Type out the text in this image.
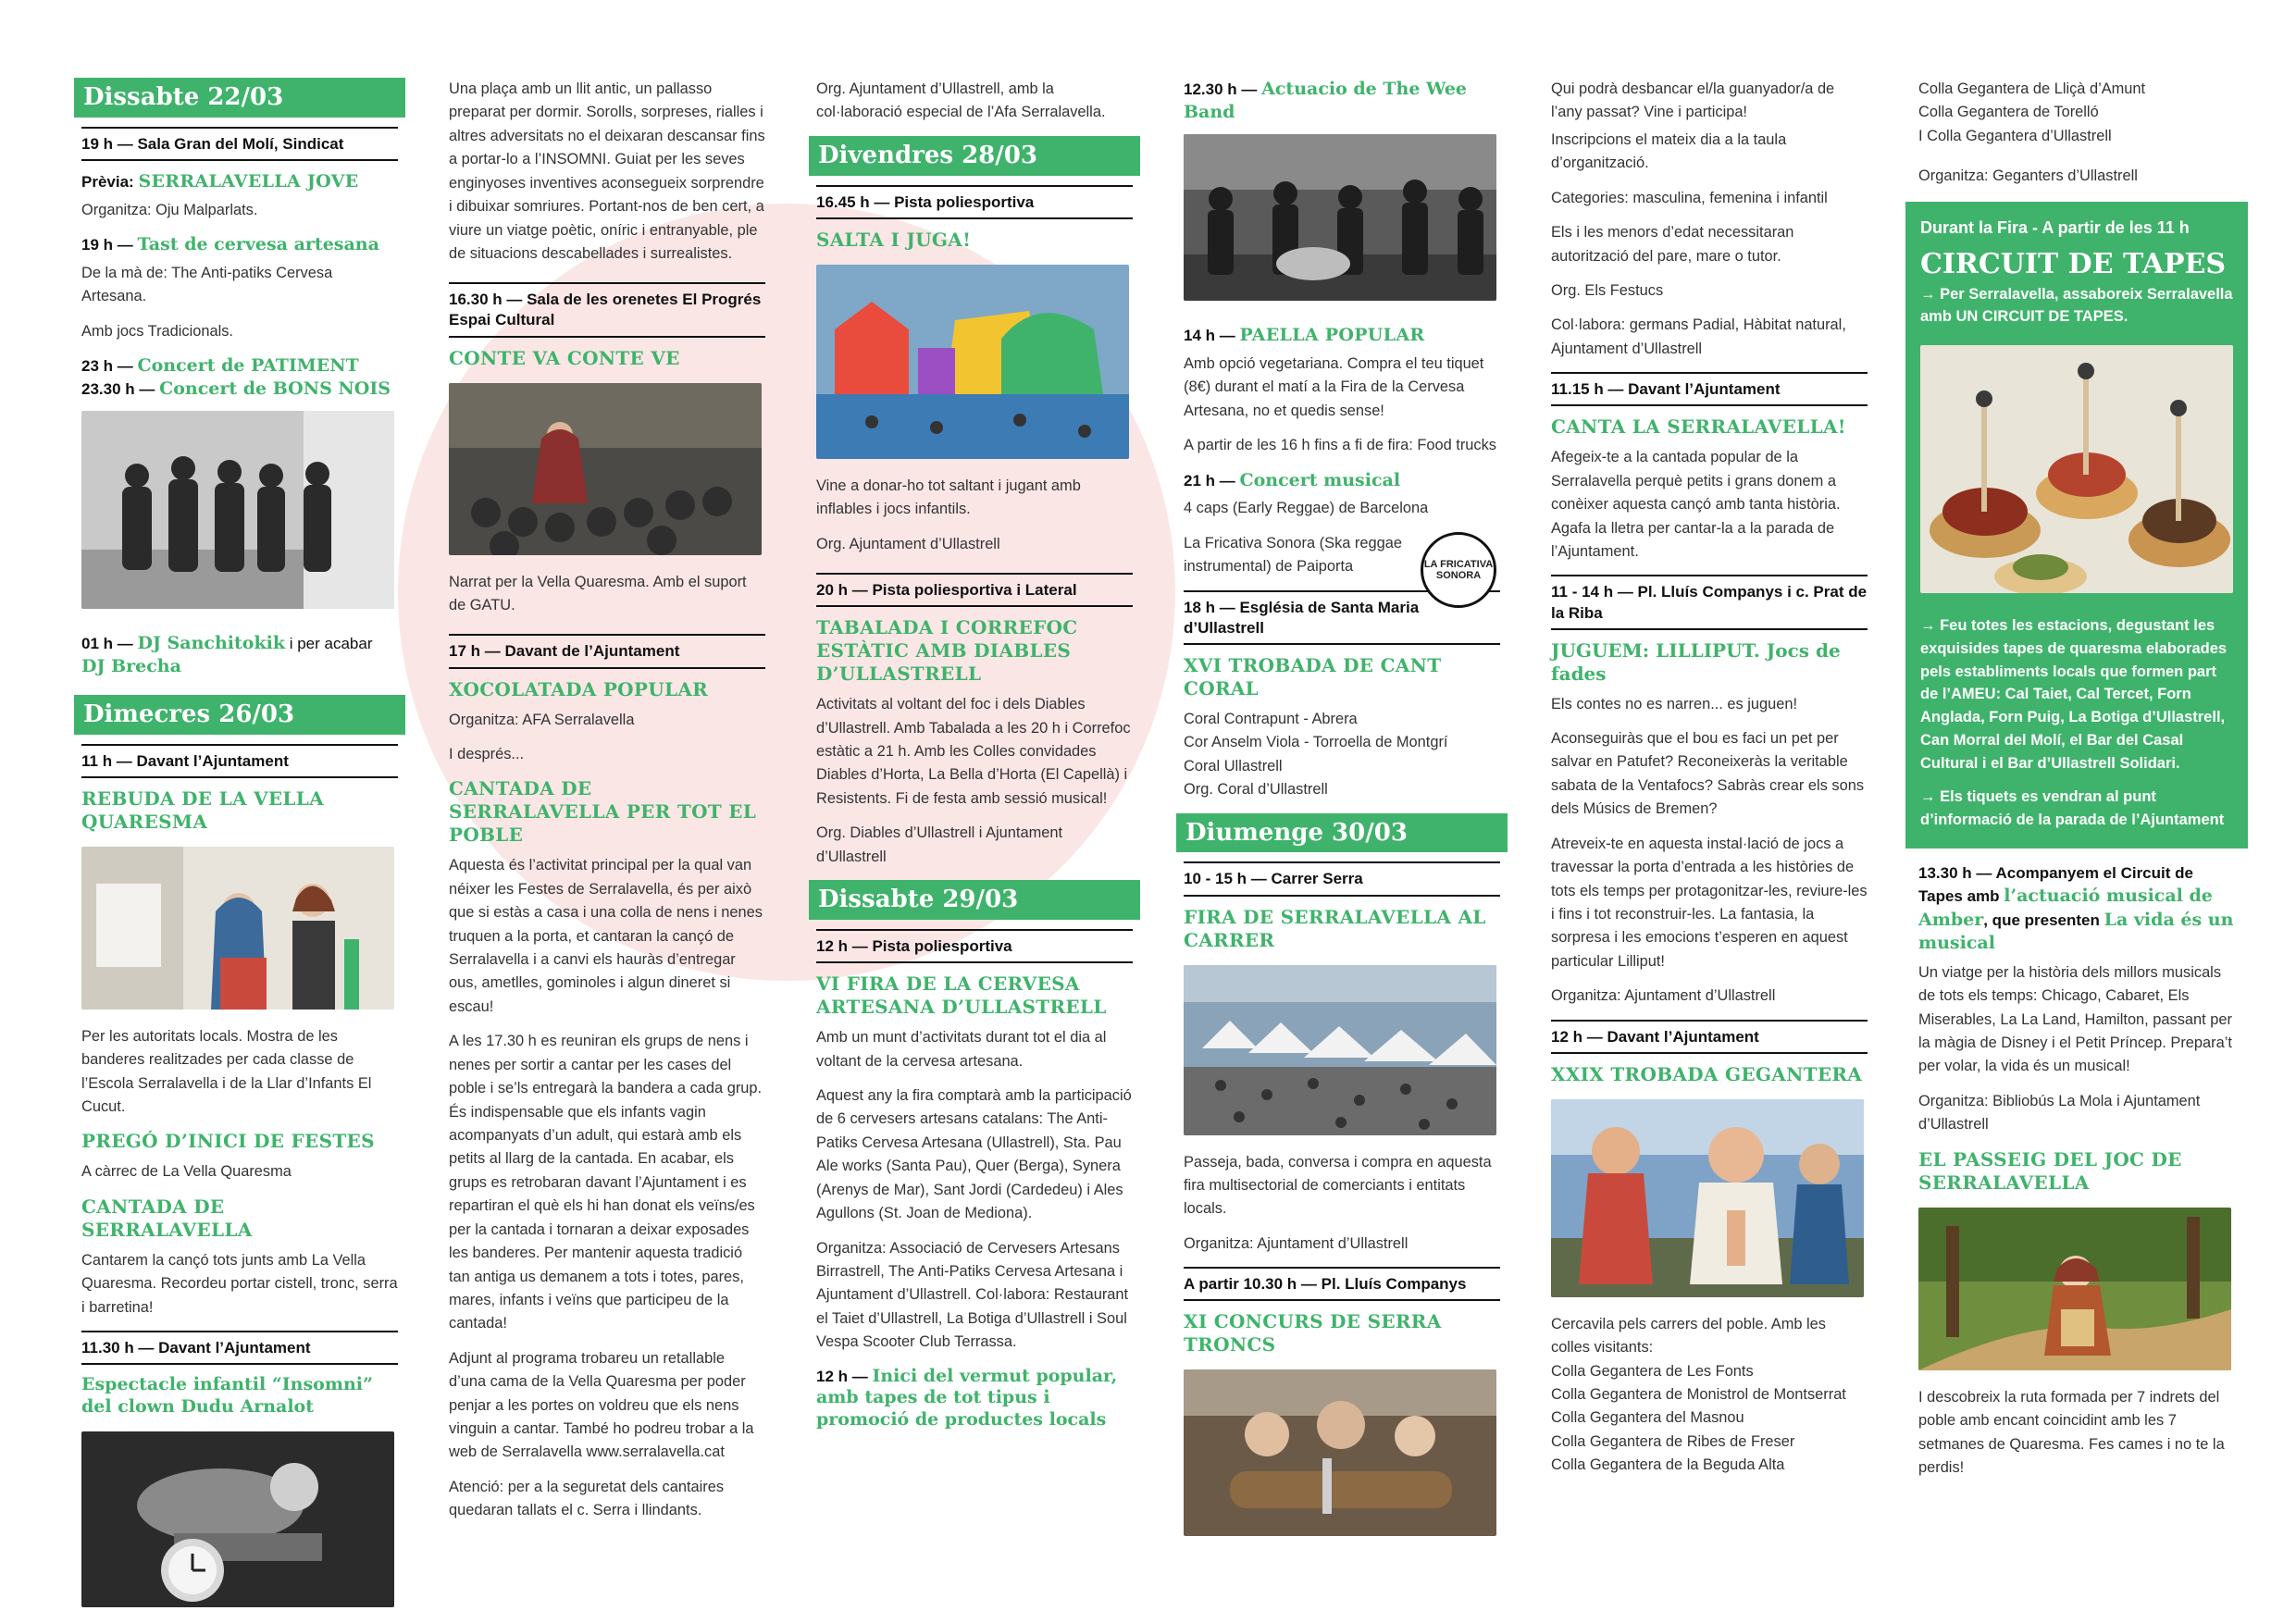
Dissabte 22/03
19 h — Sala Gran del Molí, Sindicat
Prèvia: SERRALAVELLA JOVE

Organitza: Oju Malparlats.

19 h — Tast de cervesa artesana

De la mà de: The Anti-patiks Cervesa Artesana.

Amb jocs Tradicionals.

23 h — Concert de PATIMENT
23.30 h — Concert de BONS NOIS
01 h — DJ Sanchitokik i per acabar DJ Brecha
Dimecres 26/03
11 h — Davant l’Ajuntament
REBUDA DE LA VELLA QUARESMA

Per les autoritats locals. Mostra de les banderes realitzades per cada classe de l’Escola Serralavella i de la Llar d’Infants El Cucut.

PREGÓ D’INICI DE FESTES

A càrrec de La Vella Quaresma

CANTADA DE SERRALAVELLA

Cantarem la cançó tots junts amb La Vella Quaresma. Recordeu portar cistell, tronc, serra i barretina!

11.30 h — Davant l’Ajuntament
Espectacle infantil “Insomni” del clown Dudu Arnalot

Una plaça amb un llit antic, un pallasso preparat per dormir. Sorolls, sorpreses, rialles i altres adversitats no el deixaran descansar fins a portar-lo a l’INSOMNI. Guiat per les seves enginyoses inventives aconsegueix sorprendre i dibuixar somriures. Portant-nos de ben cert, a viure un viatge poètic, oníric i entranyable, ple de situacions descabellades i surrealistes.

16.30 h — Sala de les orenetes El Progrés Espai Cultural
CONTE VA CONTE VE

Narrat per la Vella Quaresma. Amb el suport de GATU.

17 h — Davant de l’Ajuntament
XOCOLATADA POPULAR

Organitza: AFA Serralavella

I després...

CANTADA DE SERRALAVELLA PER TOT EL POBLE

Aquesta és l’activitat principal per la qual van néixer les Festes de Serralavella, és per això que si estàs a casa i una colla de nens i nenes truquen a la porta, et cantaran la cançó de Serralavella i a canvi els hauràs d’entregar ous, ametlles, gominoles i algun dineret si escau!

A les 17.30 h es reuniran els grups de nens i nenes per sortir a cantar per les cases del poble i se’ls entregarà la bandera a cada grup. És indispensable que els infants vagin acompanyats d’un adult, qui estarà amb els petits al llarg de la cantada. En acabar, els grups es retrobaran davant l’Ajuntament i es repartiran el què els hi han donat els veïns/es per la cantada i tornaran a deixar exposades les banderes. Per mantenir aquesta tradició tan antiga us demanem a tots i totes, pares, mares, infants i veïns que participeu de la cantada!

Adjunt al programa trobareu un retallable d’una cama de la Vella Quaresma per poder penjar a les portes on voldreu que els nens vinguin a cantar. També ho podreu trobar a la web de Serralavella www.serralavella.cat

Atenció: per a la seguretat dels cantaires quedaran tallats el c. Serra i llindants.

Org. Ajuntament d’Ullastrell, amb la col·laboració especial de l’Afa Serralavella.

Divendres 28/03
16.45 h — Pista poliesportiva
SALTA I JUGA!

Vine a donar-ho tot saltant i jugant amb inflables i jocs infantils.

Org. Ajuntament d’Ullastrell

20 h — Pista poliesportiva i Lateral
TABALADA I CORREFOC ESTÀTIC AMB DIABLES D’ULLASTRELL

Activitats al voltant del foc i dels Diables d’Ullastrell. Amb Tabalada a les 20 h i Correfoc estàtic a 21 h. Amb les Colles convidades Diables d’Horta, La Bella d’Horta (El Capellà) i Resistents. Fi de festa amb sessió musical!

Org. Diables d’Ullastrell i Ajuntament d’Ullastrell

Dissabte 29/03
12 h — Pista poliesportiva
VI FIRA DE LA CERVESA ARTESANA D’ULLASTRELL

Amb un munt d’activitats durant tot el dia al voltant de la cervesa artesana.

Aquest any la fira comptarà amb la participació de 6 cervesers artesans catalans: The Anti-Patiks Cervesa Artesana (Ullastrell), Sta. Pau Ale works (Santa Pau), Quer (Berga), Synera (Arenys de Mar), Sant Jordi (Cardedeu) i Ales Agullons (St. Joan de Mediona).

Organitza: Associació de Cervesers Artesans Birrastrell, The Anti-Patiks Cervesa Artesana i Ajuntament d’Ullastrell. Col·labora: Restaurant el Taiet d’Ullastrell, La Botiga d’Ullastrell i Soul Vespa Scooter Club Terrassa.

12 h — Inici del vermut popular, amb tapes de tot tipus i promoció de productes locals
12.30 h — Actuacio de The Wee Band
14 h — PAELLA POPULAR

Amb opció vegetariana. Compra el teu tiquet (8€) durant el matí a la Fira de la Cervesa Artesana, no et quedis sense!

A partir de les 16 h fins a fi de fira: Food trucks

21 h — Concert musical

4 caps (Early Reggae) de Barcelona

La Fricativa Sonora (Ska reggae instrumental) de Paiporta	LA FRICATIVA SONORA
18 h — Església de Santa Maria d’Ullastrell
XVI TROBADA DE CANT CORAL

Coral Contrapunt - Abrera

Cor Anselm Viola - Torroella de Montgrí

Coral Ullastrell

Org. Coral d’Ullastrell

Diumenge 30/03
10 - 15 h — Carrer Serra
FIRA DE SERRALAVELLA AL CARRER

Passeja, bada, conversa i compra en aquesta fira multisectorial de comerciants i entitats locals.

Organitza: Ajuntament d’Ullastrell

A partir 10.30 h — Pl. Lluís Companys
XI CONCURS DE SERRA TRONCS

Qui podrà desbancar el/la guanyador/a de l’any passat? Vine i participa!

Inscripcions el mateix dia a la taula d’organització.

Categories: masculina, femenina i infantil

Els i les menors d’edat necessitaran autorització del pare, mare o tutor.

Org. Els Festucs

Col·labora: germans Padial, Hàbitat natural, Ajuntament d’Ullastrell

11.15 h — Davant l’Ajuntament
CANTA LA SERRALAVELLA!

Afegeix-te a la cantada popular de la Serralavella perquè petits i grans donem a conèixer aquesta cançó amb tanta història. Agafa la lletra per cantar-la a la parada de l’Ajuntament.

11 - 14 h — Pl. Lluís Companys i c. Prat de la Riba
JUGUEM: LILLIPUT. Jocs de fades

Els contes no es narren... es juguen!

Aconseguiràs que el bou es faci un pet per salvar en Patufet? Reconeixeràs la veritable sabata de la Ventafocs? Sabràs crear els sons dels Músics de Bremen?

Atreveix-te en aquesta instal·lació de jocs a travessar la porta d’entrada a les històries de tots els temps per protagonitzar-les, reviure-les i fins i tot reconstruir-les. La fantasia, la sorpresa i les emocions t’esperen en aquest particular Lilliput!

Organitza: Ajuntament d’Ullastrell

12 h — Davant l’Ajuntament
XXIX TROBADA GEGANTERA

Cercavila pels carrers del poble. Amb les colles visitants:

Colla Gegantera de Les Fonts

Colla Gegantera de Monistrol de Montserrat

Colla Gegantera del Masnou

Colla Gegantera de Ribes de Freser

Colla Gegantera de la Beguda Alta

Colla Gegantera de Lliçà d’Amunt

Colla Gegantera de Torelló

I Colla Gegantera d’Ullastrell

Organitza: Geganters d’Ullastrell

Durant la Fira - A partir de les 11 h
CIRCUIT DE TAPES
→ Per Serralavella, assaboreix Serralavella amb UN CIRCUIT DE TAPES.
→ Feu totes les estacions, degustant les exquisides tapes de quaresma elaborades pels establiments locals que formen part de l’AMEU: Cal Taiet, Cal Tercet, Forn Anglada, Forn Puig, La Botiga d’Ullastrell, Can Morral del Molí, el Bar del Casal Cultural i el Bar d’Ullastrell Solidari.
→ Els tiquets es vendran al punt d’informació de la parada de l’Ajuntament
13.30 h — Acompanyem el Circuit de Tapes amb l’actuació musical de Amber, que presenten La vida és un musical

Un viatge per la història dels millors musicals de tots els temps: Chicago, Cabaret, Els Miserables, La La Land, Hamilton, passant per la màgia de Disney i el Petit Príncep. Prepara’t per volar, la vida és un musical!

Organitza: Bibliobús La Mola i Ajuntament d’Ullastrell

EL PASSEIG DEL JOC DE SERRALAVELLA

I descobreix la ruta formada per 7 indrets del poble amb encant coincidint amb les 7 setmanes de Quaresma. Fes cames i no te la perdis!
